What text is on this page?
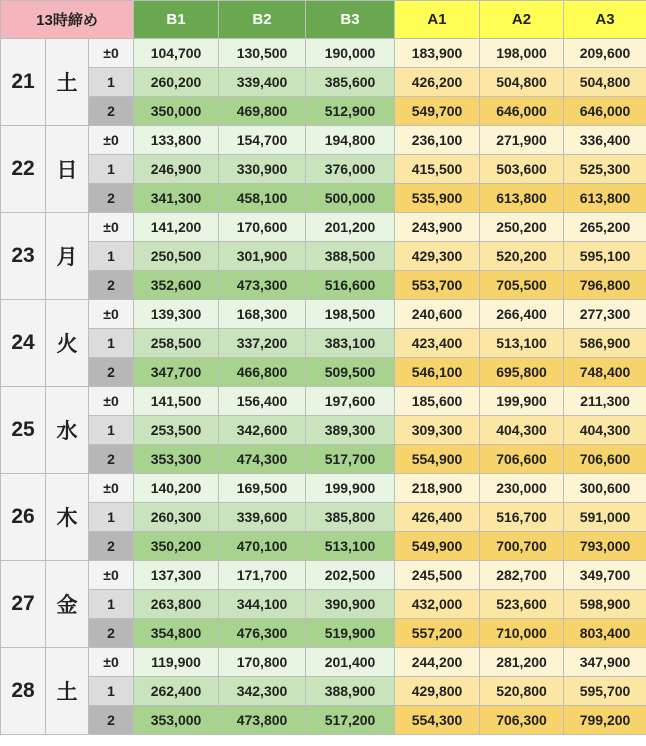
13時締め			B1	B2	B3	A1	A2	A3
21	土	±0	104,700	130,500	190,000	183,900	198,000	209,600
		1	260,200	339,400	385,600	426,200	504,800	504,800
		2	350,000	469,800	512,900	549,700	646,000	646,000
22	日	±0	133,800	154,700	194,800	236,100	271,900	336,400
		1	246,900	330,900	376,000	415,500	503,600	525,300
		2	341,300	458,100	500,000	535,900	613,800	613,800
23	月	±0	141,200	170,600	201,200	243,900	250,200	265,200
		1	250,500	301,900	388,500	429,300	520,200	595,100
		2	352,600	473,300	516,600	553,700	705,500	796,800
24	火	±0	139,300	168,300	198,500	240,600	266,400	277,300
		1	258,500	337,200	383,100	423,400	513,100	586,900
		2	347,700	466,800	509,500	546,100	695,800	748,400
25	水	±0	141,500	156,400	197,600	185,600	199,900	211,300
		1	253,500	342,600	389,300	309,300	404,300	404,300
		2	353,300	474,300	517,700	554,900	706,600	706,600
26	木	±0	140,200	169,500	199,900	218,900	230,000	300,600
		1	260,300	339,600	385,800	426,400	516,700	591,000
		2	350,200	470,100	513,100	549,900	700,700	793,000
27	金	±0	137,300	171,700	202,500	245,500	282,700	349,700
		1	263,800	344,100	390,900	432,000	523,600	598,900
		2	354,800	476,300	519,900	557,200	710,000	803,400
28	土	±0	119,900	170,800	201,400	244,200	281,200	347,900
		1	262,400	342,300	388,900	429,800	520,800	595,700
		2	353,000	473,800	517,200	554,300	706,300	799,200
